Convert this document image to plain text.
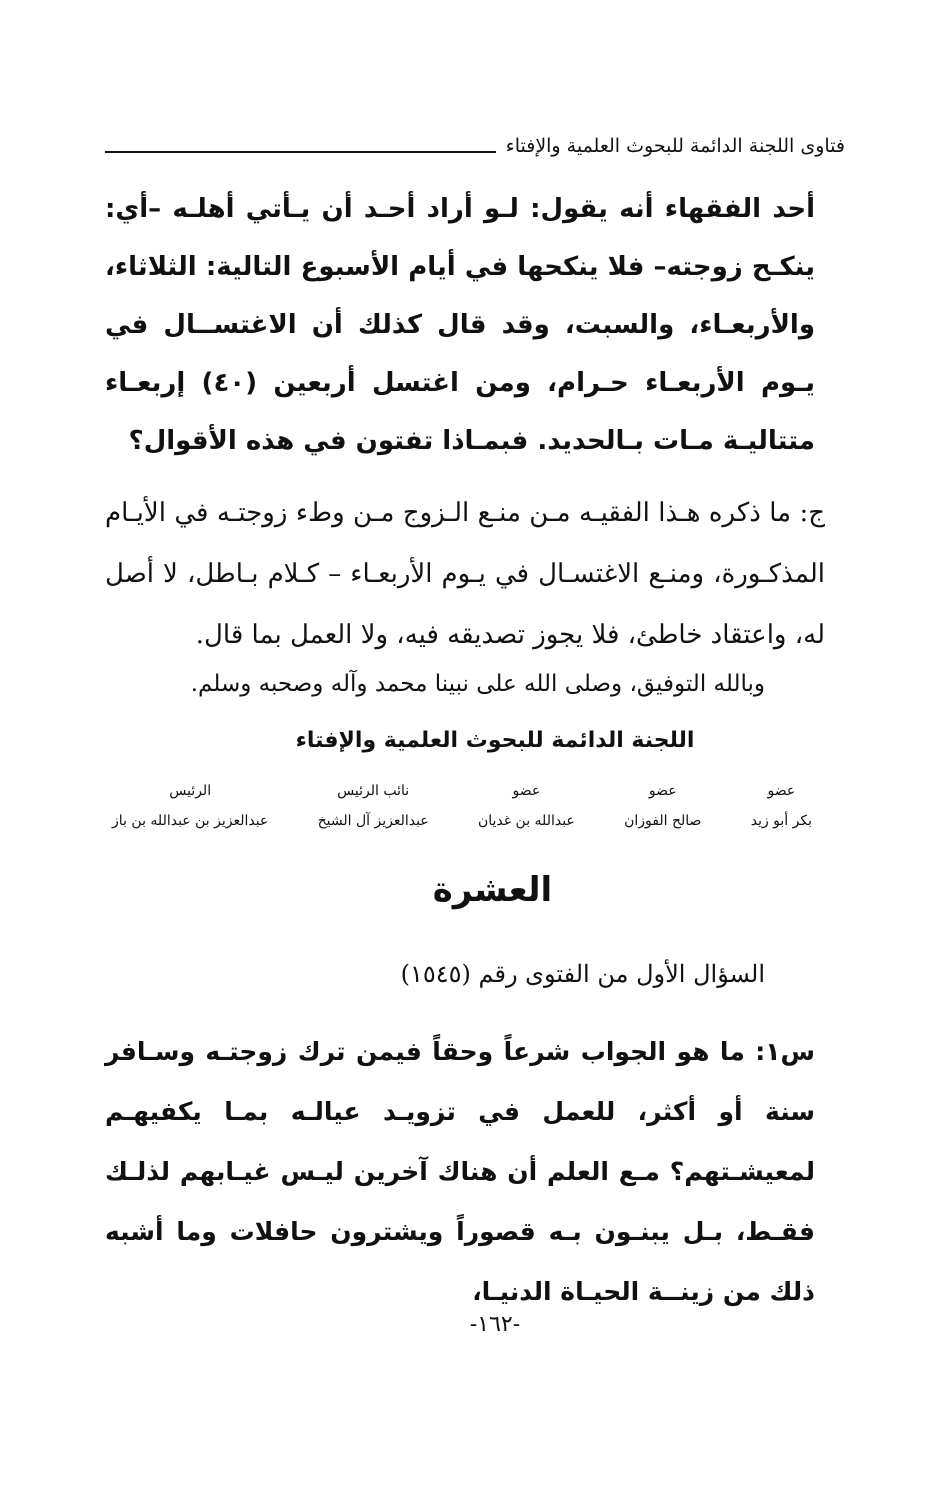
فتاوى اللجنة الدائمة للبحوث العلمية والإفتاء

أحد الفقهاء أنه يقول: لـو أراد أحـد أن يـأتي أهلـه –أي: ينكـح زوجته– فلا ينكحها في أيام الأسبوع التالية: الثلاثاء، والأربعـاء، والسبت، وقد قال كذلك أن الاغتســال في يـوم الأربعـاء حـرام، ومن اغتسل أربعين (٤٠) إربعـاء متتاليـة مـات بـالحديد. فبمـاذا تفتون في هذه الأقوال؟

ج: ما ذكره هـذا الفقيـه مـن منـع الـزوج مـن وطء زوجتـه في الأيـام المذكـورة، ومنـع الاغتسـال في يـوم الأربعـاء – كـلام بـاطل، لا أصل له، واعتقاد خاطئ، فلا يجوز تصديقه فيه، ولا العمل بما قال.

وبالله التوفيق، وصلى الله على نبينا محمد وآله وصحبه وسلم.

اللجنة الدائمة للبحوث العلمية والإفتاء
عضو
بكر أبو زيد
عضو
صالح الفوزان
عضو
عبدالله بن غديان
نائب الرئيس
عبدالعزيز آل الشيخ
الرئيس
عبدالعزيز بن عبدالله بن باز
العشرة
السؤال الأول من الفتوى رقم (١٥٤٥)

س١: ما هو الجواب شرعاً وحقاً فيمن ترك زوجتـه وسـافر سنة أو أكثر، للعمل في تزويـد عيالـه بمـا يكفيهـم لمعيشـتهم؟ مـع العلم أن هناك آخرين ليـس غيـابهم لذلـك فقـط، بـل يبنـون بـه قصوراً ويشترون حافلات وما أشبه ذلك من زينــة الحيـاة الدنيـا،

-١٦٢-
